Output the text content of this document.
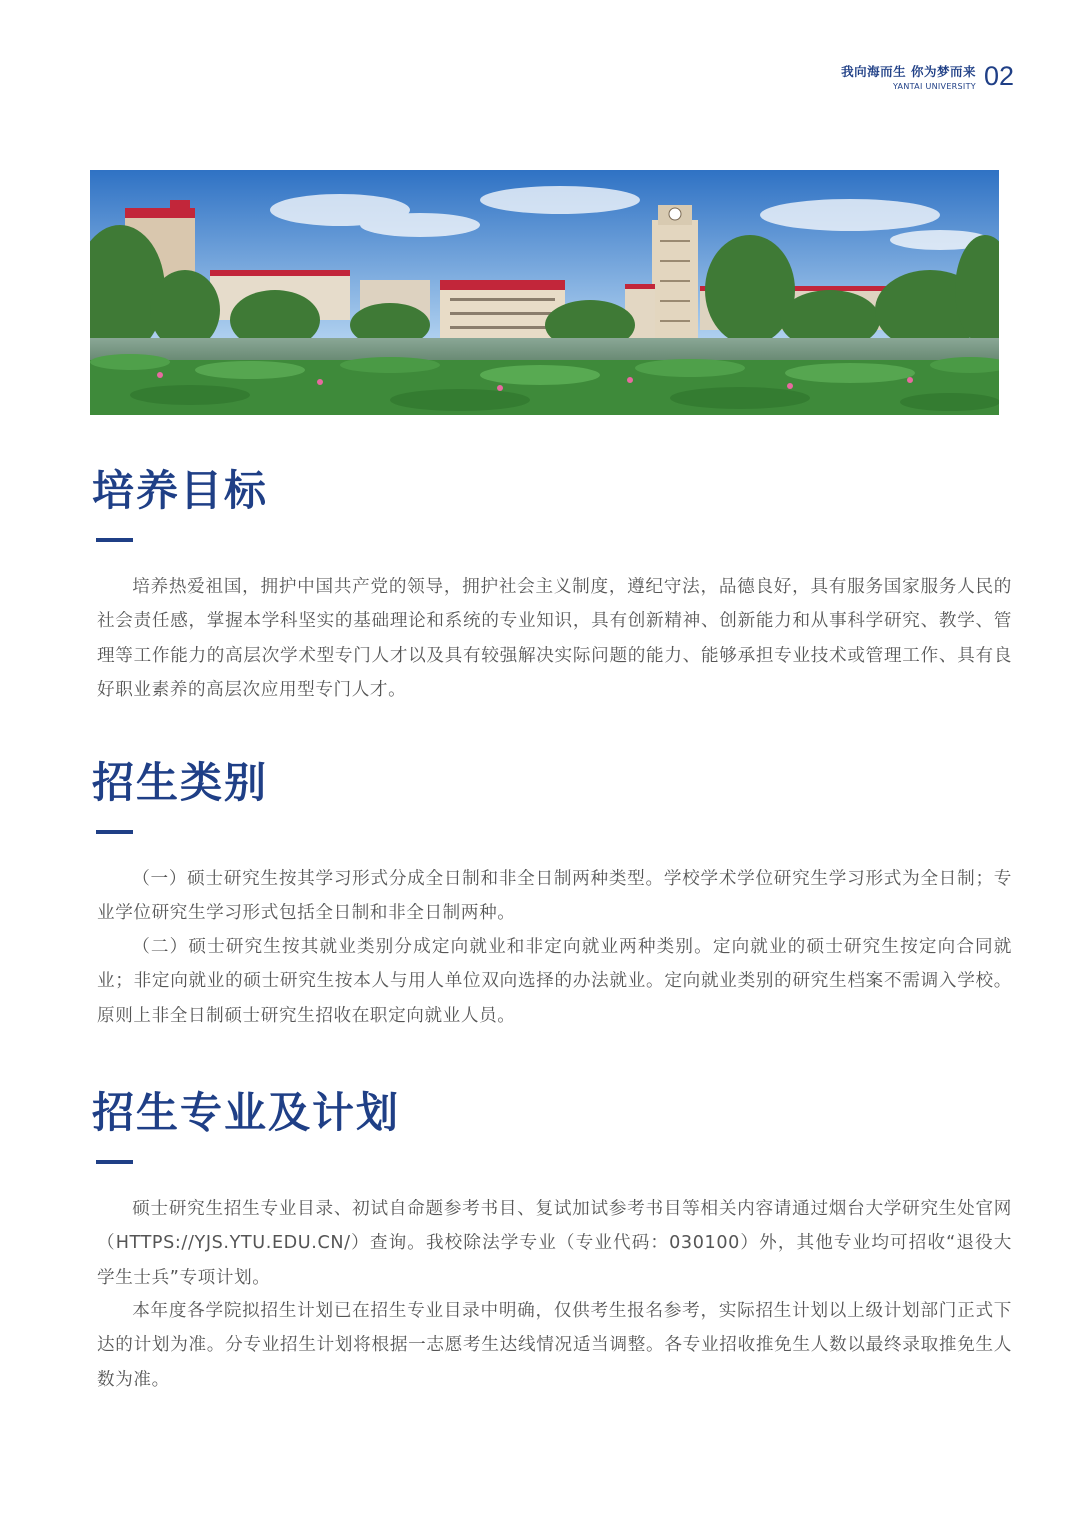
我向海而生 你为梦而来
YANTAI UNIVERSITY 02
培养目标

培养热爱祖国，拥护中国共产党的领导，拥护社会主义制度，遵纪守法，品德良好，具有服务国家服务人民的社会责任感，掌握本学科坚实的基础理论和系统的专业知识，具有创新精神、创新能力和从事科学研究、教学、管理等工作能力的高层次学术型专门人才以及具有较强解决实际问题的能力、能够承担专业技术或管理工作、具有良好职业素养的高层次应用型专门人才。

招生类别

（一）硕士研究生按其学习形式分成全日制和非全日制两种类型。学校学术学位研究生学习形式为全日制；专业学位研究生学习形式包括全日制和非全日制两种。

（二）硕士研究生按其就业类别分成定向就业和非定向就业两种类别。定向就业的硕士研究生按定向合同就业；非定向就业的硕士研究生按本人与用人单位双向选择的办法就业。定向就业类别的研究生档案不需调入学校。原则上非全日制硕士研究生招收在职定向就业人员。

招生专业及计划

硕士研究生招生专业目录、初试自命题参考书目、复试加试参考书目等相关内容请通过烟台大学研究生处官网（HTTPS://YJS.YTU.EDU.CN/）查询。我校除法学专业（专业代码：030100）外，其他专业均可招收“退役大学生士兵”专项计划。

本年度各学院拟招生计划已在招生专业目录中明确，仅供考生报名参考，实际招生计划以上级计划部门正式下达的计划为准。分专业招生计划将根据一志愿考生达线情况适当调整。各专业招收推免生人数以最终录取推免生人数为准。
